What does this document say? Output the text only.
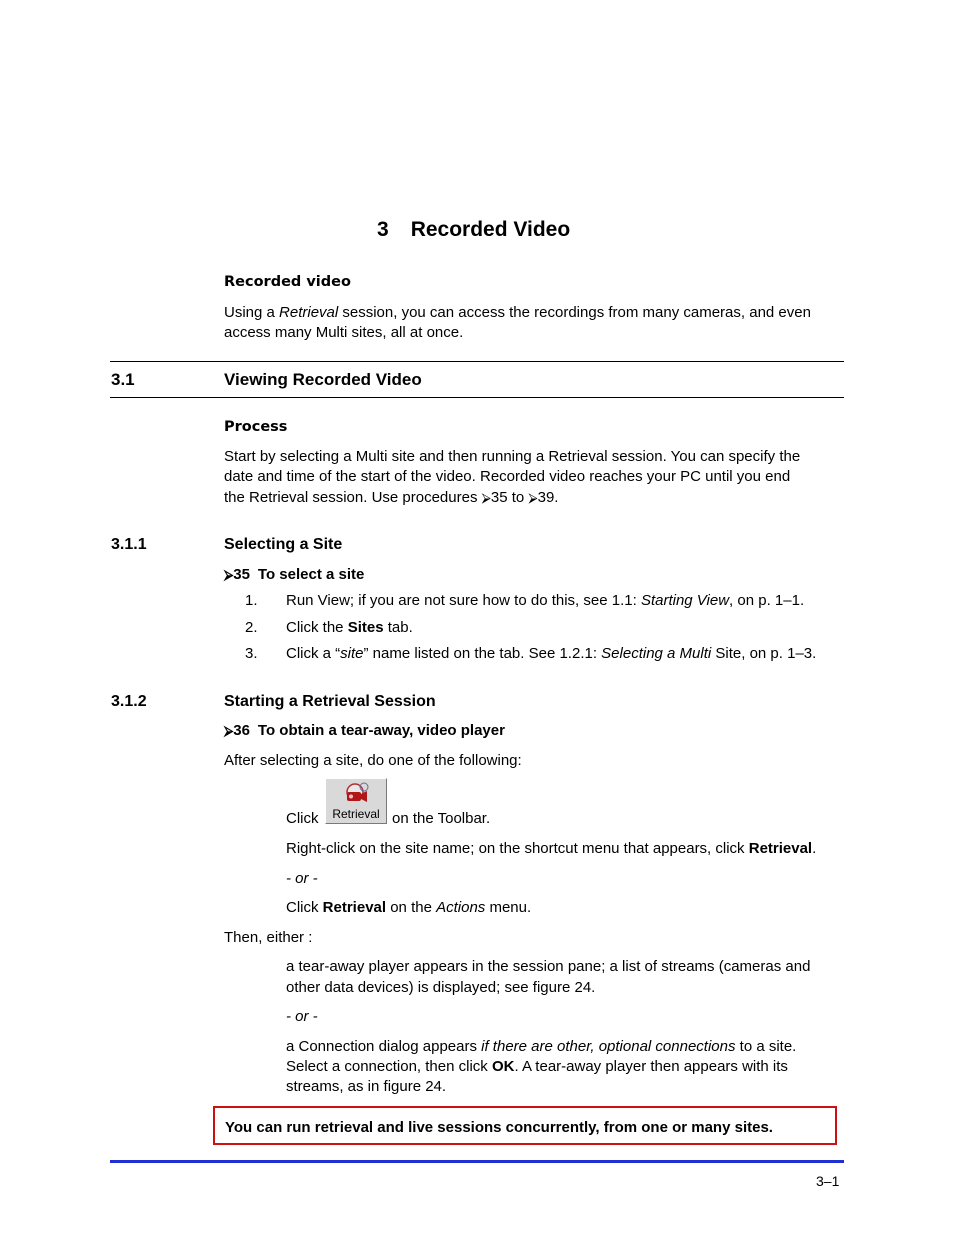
3 Recorded Video
Recorded video
Using a Retrieval session, you can access the recordings from many cameras, and even
access many Multi sites, all at once.
3.1	Viewing Recorded Video
Process
Start by selecting a Multi site and then running a Retrieval session. You can specify the
date and time of the start of the video. Recorded video reaches your PC until you end
the Retrieval session. Use procedures ⮚35 to ⮚39.
3.1.1	Selecting a Site
⮚35 To select a site
1. Run View; if you are not sure how to do this, see 1.1: Starting View, on p. 1–1.
2. Click the Sites tab.
3. Click a “site” name listed on the tab. See 1.2.1: Selecting a Multi Site, on p. 1–3.
3.1.2	Starting a Retrieval Session
⮚36 To obtain a tear-away, video player
After selecting a site, do one of the following:
Click	Retrieval on the Toolbar.
Right-click on the site name; on the shortcut menu that appears, click Retrieval.
- or -
Click Retrieval on the Actions menu.
Then, either :
a tear-away player appears in the session pane; a list of streams (cameras and
other data devices) is displayed; see figure 24.
- or -
a Connection dialog appears if there are other, optional connections to a site.
Select a connection, then click OK. A tear-away player then appears with its
streams, as in figure 24.
You can run retrieval and live sessions concurrently, from one or many sites.
3–1
